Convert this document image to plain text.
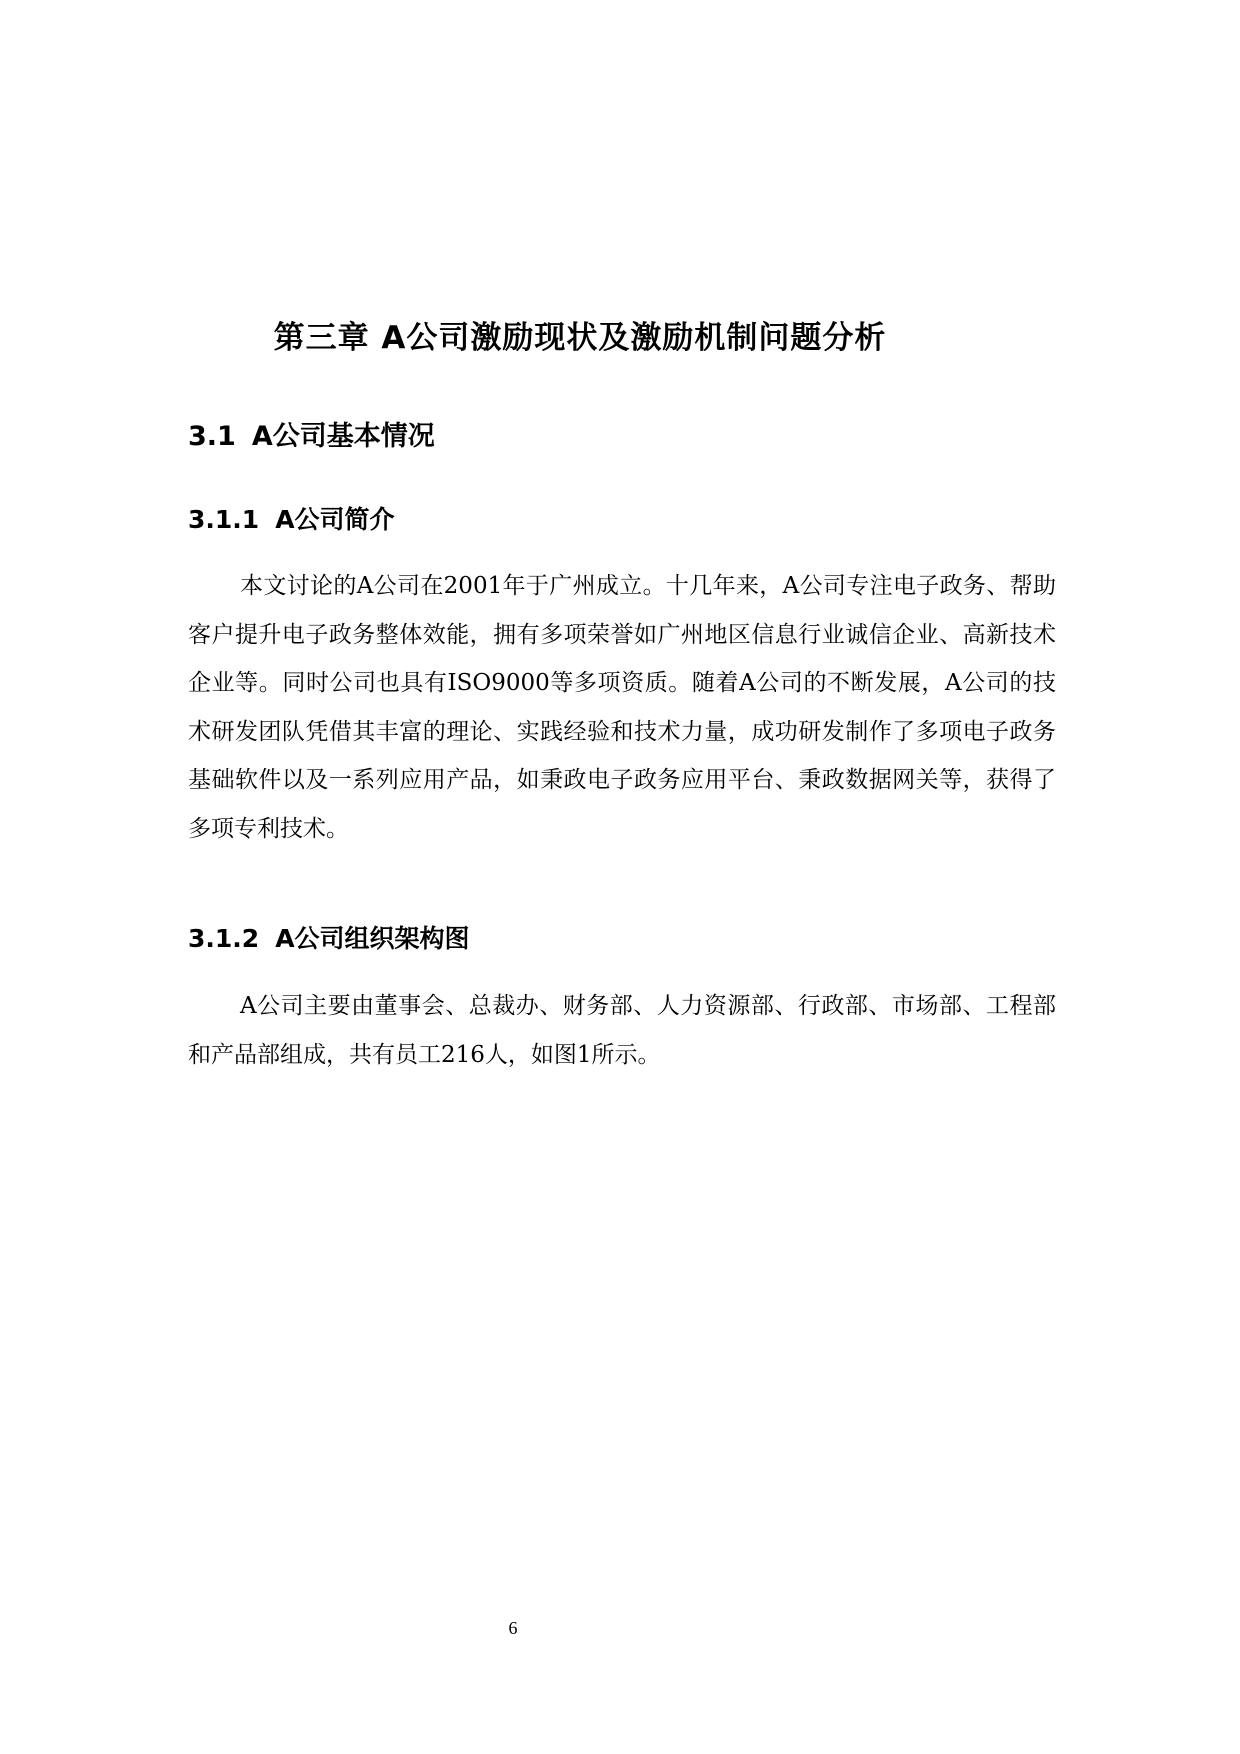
第三章 A公司激励现状及激励机制问题分析
3.1 A公司基本情况
3.1.1 A公司简介

本文讨论的A公司在2001年于广州成立。十几年来，A公司专注电子政务、帮助客户提升电子政务整体效能，拥有多项荣誉如广州地区信息行业诚信企业、高新技术企业等。同时公司也具有ISO9000等多项资质。随着A公司的不断发展，A公司的技术研发团队凭借其丰富的理论、实践经验和技术力量，成功研发制作了多项电子政务基础软件以及一系列应用产品，如秉政电子政务应用平台、秉政数据网关等，获得了多项专利技术。

3.1.2 A公司组织架构图

A公司主要由董事会、总裁办、财务部、人力资源部、行政部、市场部、工程部和产品部组成，共有员工216人，如图1所示。

6
